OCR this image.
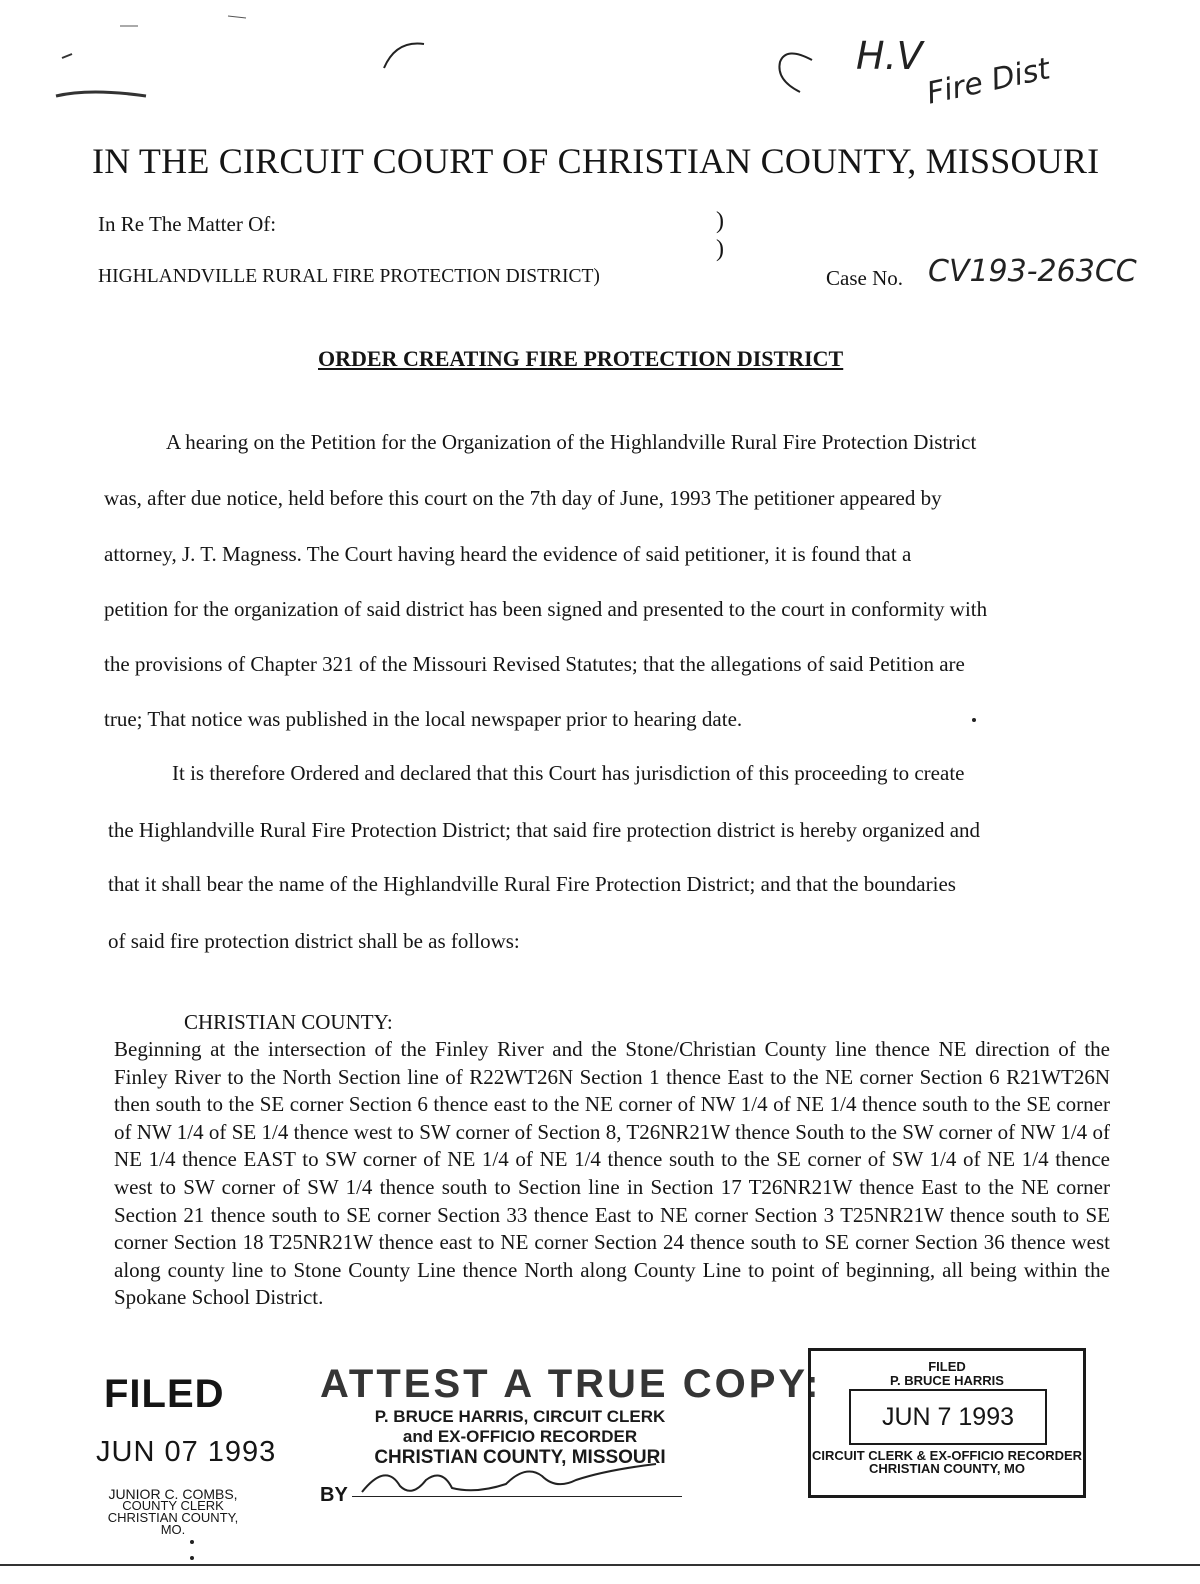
H.V Fire Dist
IN THE CIRCUIT COURT OF CHRISTIAN COUNTY, MISSOURI
In Re The Matter Of:	)
)
HIGHLANDVILLE RURAL FIRE PROTECTION DISTRICT)	Case No. CV193-263CC
ORDER CREATING FIRE PROTECTION DISTRICT
A hearing on the Petition for the Organization of the Highlandville Rural Fire Protection District
was, after due notice, held before this court on the 7th day of June, 1993 The petitioner appeared by
attorney, J. T. Magness. The Court having heard the evidence of said petitioner, it is found that a
petition for the organization of said district has been signed and presented to the court in conformity with
the provisions of Chapter 321 of the Missouri Revised Statutes; that the allegations of said Petition are
true; That notice was published in the local newspaper prior to hearing date.
It is therefore Ordered and declared that this Court has jurisdiction of this proceeding to create
the Highlandville Rural Fire Protection District; that said fire protection district is hereby organized and
that it shall bear the name of the Highlandville Rural Fire Protection District; and that the boundaries
of said fire protection district shall be as follows:
CHRISTIAN COUNTY:
Beginning at the intersection of the Finley River and the Stone/Christian County line thence NE direction of the Finley River to the North Section line of R22WT26N Section 1 thence East to the NE corner Section 6 R21WT26N then south to the SE corner Section 6 thence east to the NE corner of NW 1/4 of NE 1/4 thence south to the SE corner of NW 1/4 of SE 1/4 thence west to SW corner of Section 8, T26NR21W thence South to the SW corner of NW 1/4 of NE 1/4 thence EAST to SW corner of NE 1/4 of NE 1/4 thence south to the SE corner of SW 1/4 of NE 1/4 thence west to SW corner of SW 1/4 thence south to Section line in Section 17 T26NR21W thence East to the NE corner Section 21 thence south to SE corner Section 33 thence East to NE corner Section 3 T25NR21W thence south to SE corner Section 18 T25NR21W thence east to NE corner Section 24 thence south to SE corner Section 36 thence west along county line to Stone County Line thence North along County Line to point of beginning, all being within the Spokane School District.
FILED
JUN 07 1993
JUNIOR C. COMBS,
COUNTY CLERK
CHRISTIAN COUNTY, MO.
ATTEST A TRUE COPY:
P. BRUCE HARRIS, CIRCUIT CLERK
and EX-OFFICIO RECORDER
CHRISTIAN COUNTY, MISSOURI
BY
FILED
P. BRUCE HARRIS
JUN 7 1993
CIRCUIT CLERK & EX-OFFICIO RECORDER
CHRISTIAN COUNTY, MO
